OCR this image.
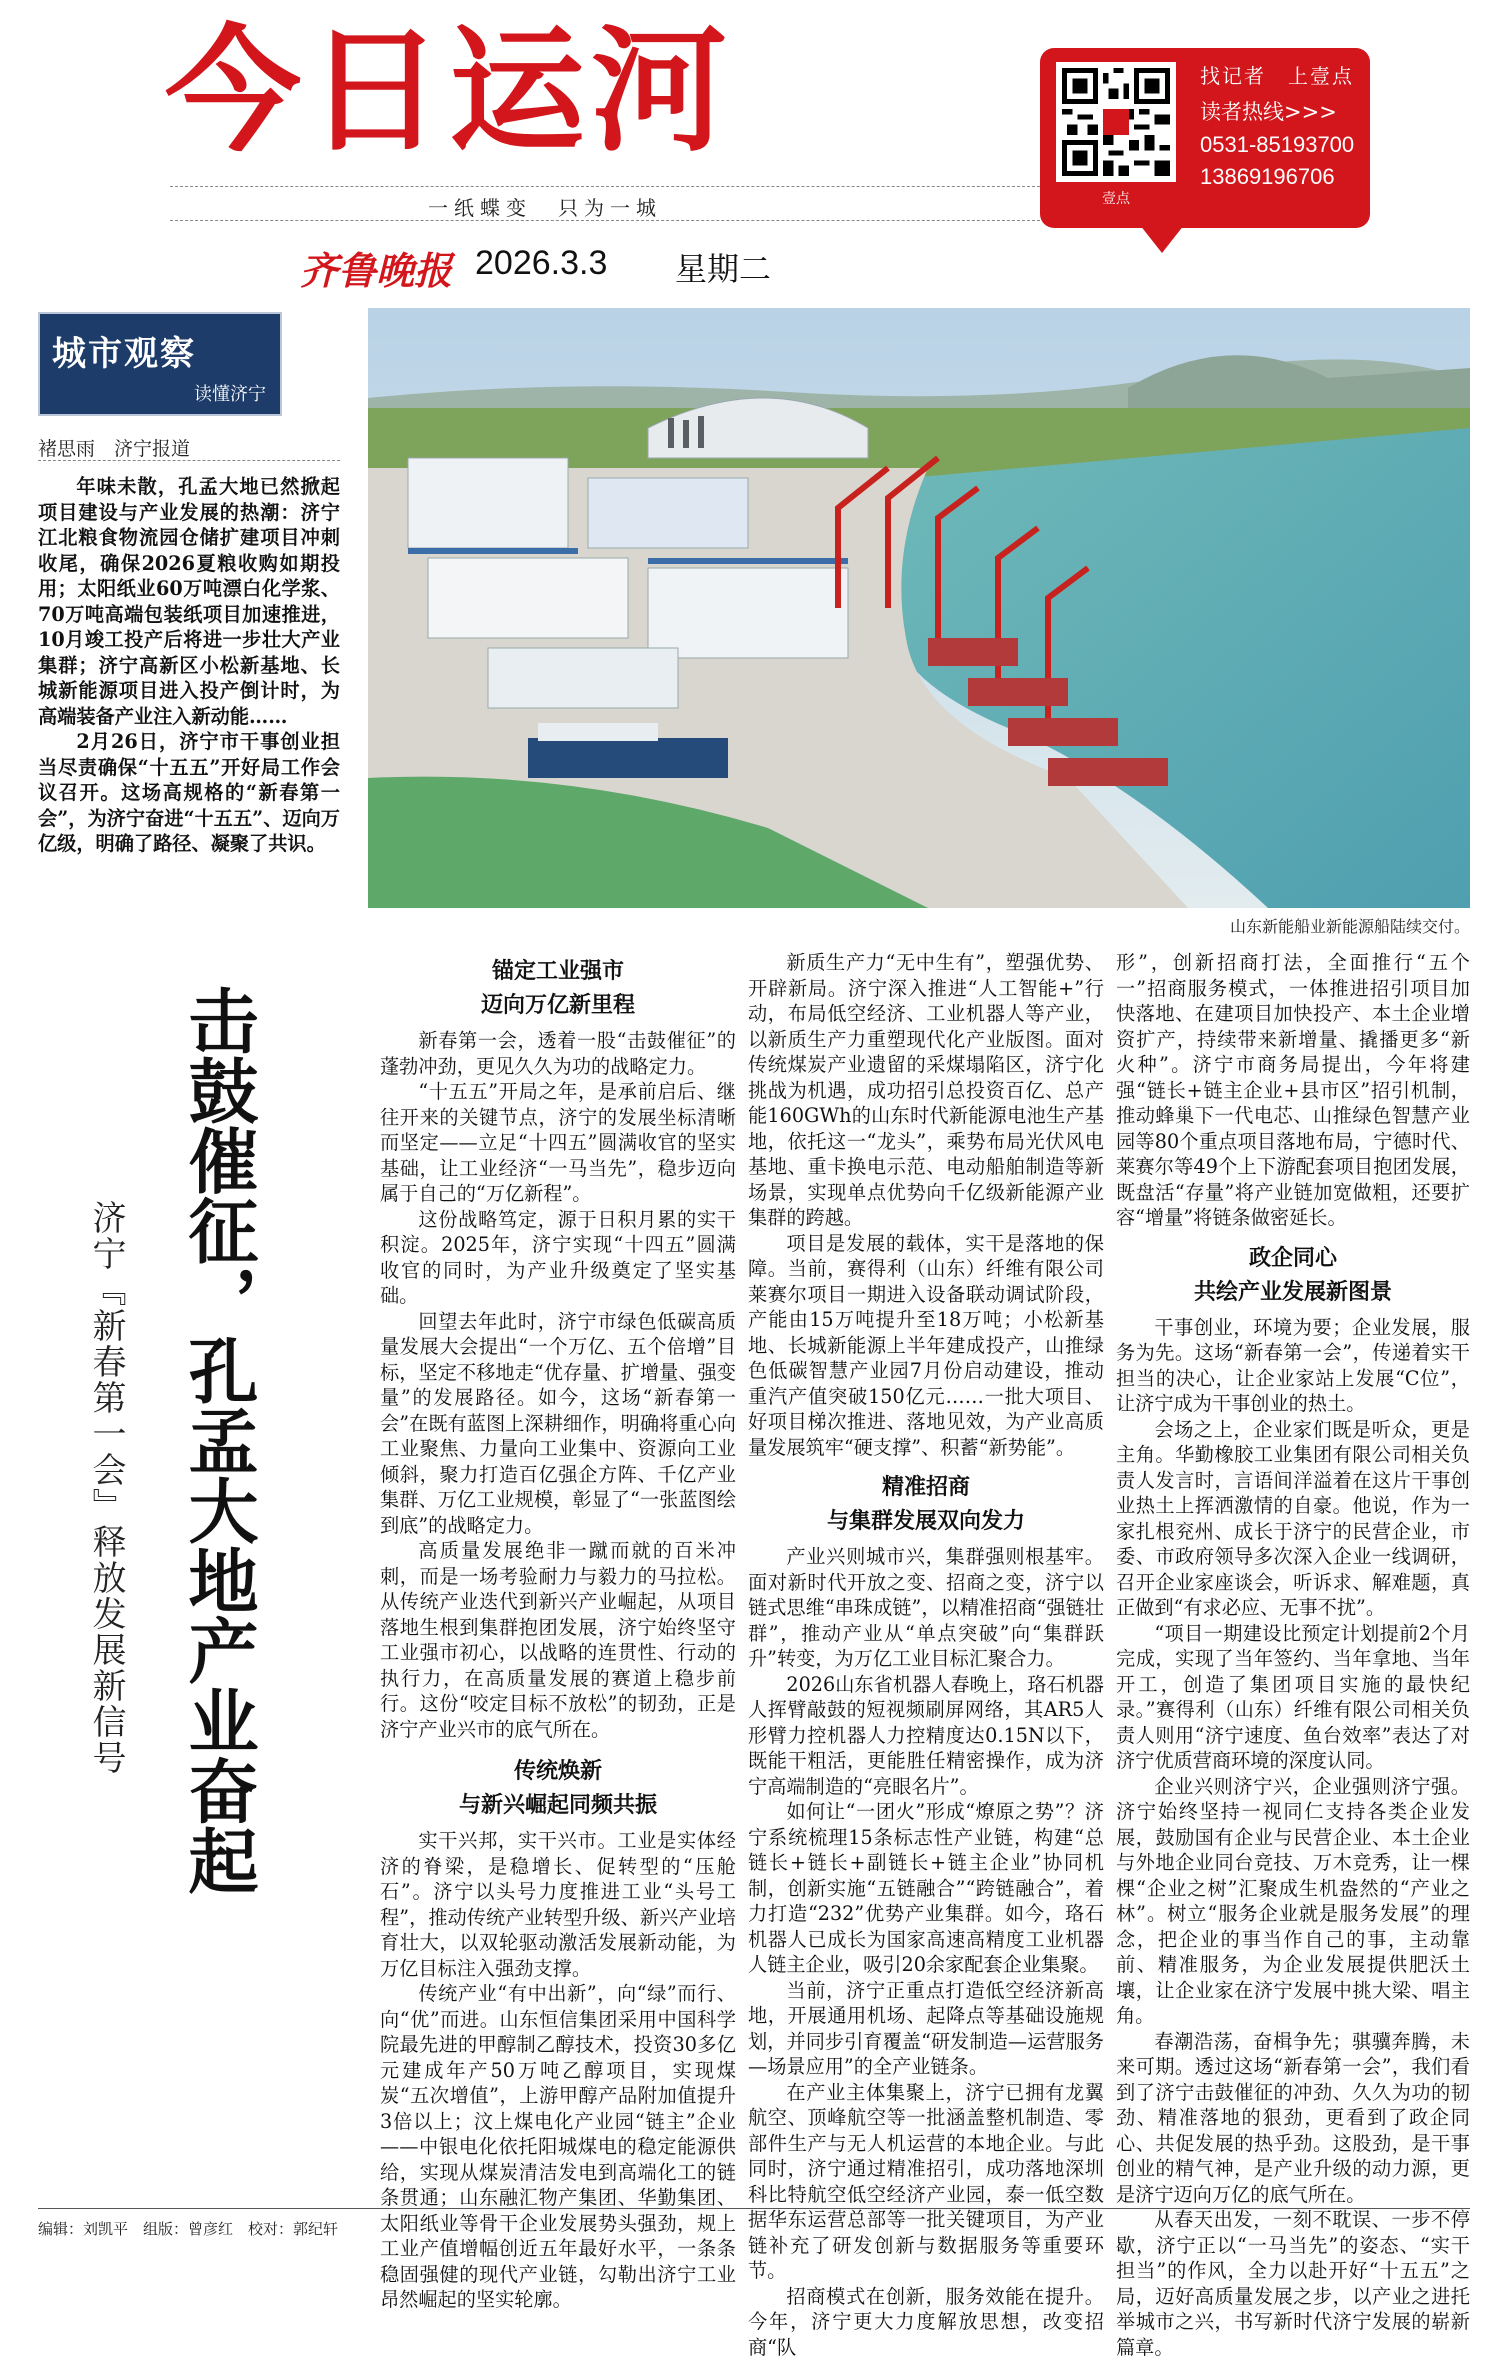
今日运河
一纸蝶变　只为一城
齐鲁晚报 2026.3.3 星期二
壹点
找记者　上壹点
读者热线>>>
0531-85193700
13869196706
城市观察
读懂济宁
褚思雨　济宁报道

年味未散，孔孟大地已然掀起项目建设与产业发展的热潮：济宁江北粮食物流园仓储扩建项目冲刺收尾，确保2026夏粮收购如期投用；太阳纸业60万吨漂白化学浆、70万吨高端包装纸项目加速推进，10月竣工投产后将进一步壮大产业集群；济宁高新区小松新基地、长城新能源项目进入投产倒计时，为高端装备产业注入新动能……

2月26日，济宁市干事创业担当尽责确保“十五五”开好局工作会议召开。这场高规格的“新春第一会”，为济宁奋进“十五五”、迈向万亿级，明确了路径、凝聚了共识。

山东新能船业新能源船陆续交付。
击鼓催征，孔孟大地产业奋起
济宁『新春第一会』释放发展新信号
锚定工业强市
迈向万亿新里程

新春第一会，透着一股“击鼓催征”的蓬勃冲劲，更见久久为功的战略定力。

“十五五”开局之年，是承前启后、继往开来的关键节点，济宁的发展坐标清晰而坚定——立足“十四五”圆满收官的坚实基础，让工业经济“一马当先”，稳步迈向属于自己的“万亿新程”。

这份战略笃定，源于日积月累的实干积淀。2025年，济宁实现“十四五”圆满收官的同时，为产业升级奠定了坚实基础。

回望去年此时，济宁市绿色低碳高质量发展大会提出“一个万亿、五个倍增”目标，坚定不移地走“优存量、扩增量、强变量”的发展路径。如今，这场“新春第一会”在既有蓝图上深耕细作，明确将重心向工业聚焦、力量向工业集中、资源向工业倾斜，聚力打造百亿强企方阵、千亿产业集群、万亿工业规模，彰显了“一张蓝图绘到底”的战略定力。

高质量发展绝非一蹴而就的百米冲刺，而是一场考验耐力与毅力的马拉松。从传统产业迭代到新兴产业崛起，从项目落地生根到集群抱团发展，济宁始终坚守工业强市初心，以战略的连贯性、行动的执行力，在高质量发展的赛道上稳步前行。这份“咬定目标不放松”的韧劲，正是济宁产业兴市的底气所在。

传统焕新
与新兴崛起同频共振

实干兴邦，实干兴市。工业是实体经济的脊梁，是稳增长、促转型的“压舱石”。济宁以头号力度推进工业“头号工程”，推动传统产业转型升级、新兴产业培育壮大，以双轮驱动激活发展新动能，为万亿目标注入强劲支撑。

传统产业“有中出新”，向“绿”而行、向“优”而进。山东恒信集团采用中国科学院最先进的甲醇制乙醇技术，投资30多亿元建成年产50万吨乙醇项目，实现煤炭“五次增值”，上游甲醇产品附加值提升3倍以上；汶上煤电化产业园“链主”企业——中银电化依托阳城煤电的稳定能源供给，实现从煤炭清洁发电到高端化工的链条贯通；山东融汇物产集团、华勤集团、太阳纸业等骨干企业发展势头强劲，规上工业产值增幅创近五年最好水平，一条条稳固强健的现代产业链，勾勒出济宁工业昂然崛起的坚实轮廓。

新质生产力“无中生有”，塑强优势、开辟新局。济宁深入推进“人工智能+”行动，布局低空经济、工业机器人等产业，以新质生产力重塑现代化产业版图。面对传统煤炭产业遗留的采煤塌陷区，济宁化挑战为机遇，成功招引总投资百亿、总产能160GWh的山东时代新能源电池生产基地，依托这一“龙头”，乘势布局光伏风电基地、重卡换电示范、电动船舶制造等新场景，实现单点优势向千亿级新能源产业集群的跨越。

项目是发展的载体，实干是落地的保障。当前，赛得利（山东）纤维有限公司莱赛尔项目一期进入设备联动调试阶段，产能由15万吨提升至18万吨；小松新基地、长城新能源上半年建成投产，山推绿色低碳智慧产业园7月份启动建设，推动重汽产值突破150亿元……一批大项目、好项目梯次推进、落地见效，为产业高质量发展筑牢“硬支撑”、积蓄“新势能”。

精准招商
与集群发展双向发力

产业兴则城市兴，集群强则根基牢。面对新时代开放之变、招商之变，济宁以链式思维“串珠成链”，以精准招商“强链壮群”，推动产业从“单点突破”向“集群跃升”转变，为万亿工业目标汇聚合力。

2026山东省机器人春晚上，珞石机器人挥臂敲鼓的短视频刷屏网络，其AR5人形臂力控机器人力控精度达0.15N以下，既能干粗活，更能胜任精密操作，成为济宁高端制造的“亮眼名片”。

如何让“一团火”形成“燎原之势”？济宁系统梳理15条标志性产业链，构建“总链长+链长+副链长+链主企业”协同机制，创新实施“五链融合”“跨链融合”，着力打造“232”优势产业集群。如今，珞石机器人已成长为国家高速高精度工业机器人链主企业，吸引20余家配套企业集聚。

当前，济宁正重点打造低空经济新高地，开展通用机场、起降点等基础设施规划，并同步引育覆盖“研发制造—运营服务—场景应用”的全产业链条。

在产业主体集聚上，济宁已拥有龙翼航空、顶峰航空等一批涵盖整机制造、零部件生产与无人机运营的本地企业。与此同时，济宁通过精准招引，成功落地深圳科比特航空低空经济产业园，泰一低空数据华东运营总部等一批关键项目，为产业链补充了研发创新与数据服务等重要环节。

招商模式在创新，服务效能在提升。今年，济宁更大力度解放思想，改变招商“队

形”，创新招商打法，全面推行“五个一”招商服务模式，一体推进招引项目加快落地、在建项目加快投产、本土企业增资扩产，持续带来新增量、撬播更多“新火种”。济宁市商务局提出，今年将建强“链长+链主企业+县市区”招引机制，推动蜂巢下一代电芯、山推绿色智慧产业园等80个重点项目落地布局，宁德时代、莱赛尔等49个上下游配套项目抱团发展，既盘活“存量”将产业链加宽做粗，还要扩容“增量”将链条做密延长。

政企同心
共绘产业发展新图景

干事创业，环境为要；企业发展，服务为先。这场“新春第一会”，传递着实干担当的决心，让企业家站上发展“C位”，让济宁成为干事创业的热土。

会场之上，企业家们既是听众，更是主角。华勤橡胶工业集团有限公司相关负责人发言时，言语间洋溢着在这片干事创业热土上挥洒激情的自豪。他说，作为一家扎根兖州、成长于济宁的民营企业，市委、市政府领导多次深入企业一线调研，召开企业家座谈会，听诉求、解难题，真正做到“有求必应、无事不扰”。

“项目一期建设比预定计划提前2个月完成，实现了当年签约、当年拿地、当年开工，创造了集团项目实施的最快纪录。”赛得利（山东）纤维有限公司相关负责人则用“济宁速度、鱼台效率”表达了对济宁优质营商环境的深度认同。

企业兴则济宁兴，企业强则济宁强。济宁始终坚持一视同仁支持各类企业发展，鼓励国有企业与民营企业、本土企业与外地企业同台竞技、万木竞秀，让一棵棵“企业之树”汇聚成生机盎然的“产业之林”。树立“服务企业就是服务发展”的理念，把企业的事当作自己的事，主动靠前、精准服务，为企业发展提供肥沃土壤，让企业家在济宁发展中挑大梁、唱主角。

春潮浩荡，奋楫争先；骐骥奔腾，未来可期。透过这场“新春第一会”，我们看到了济宁击鼓催征的冲劲、久久为功的韧劲、精准落地的狠劲，更看到了政企同心、共促发展的热乎劲。这股劲，是干事创业的精气神，是产业升级的动力源，更是济宁迈向万亿的底气所在。

从春天出发，一刻不耽误、一步不停歇，济宁正以“一马当先”的姿态、“实干担当”的作风，全力以赴开好“十五五”之局，迈好高质量发展之步，以产业之进托举城市之兴，书写新时代济宁发展的崭新篇章。

编辑：刘凯平　组版：曾彦红　校对：郭纪轩
